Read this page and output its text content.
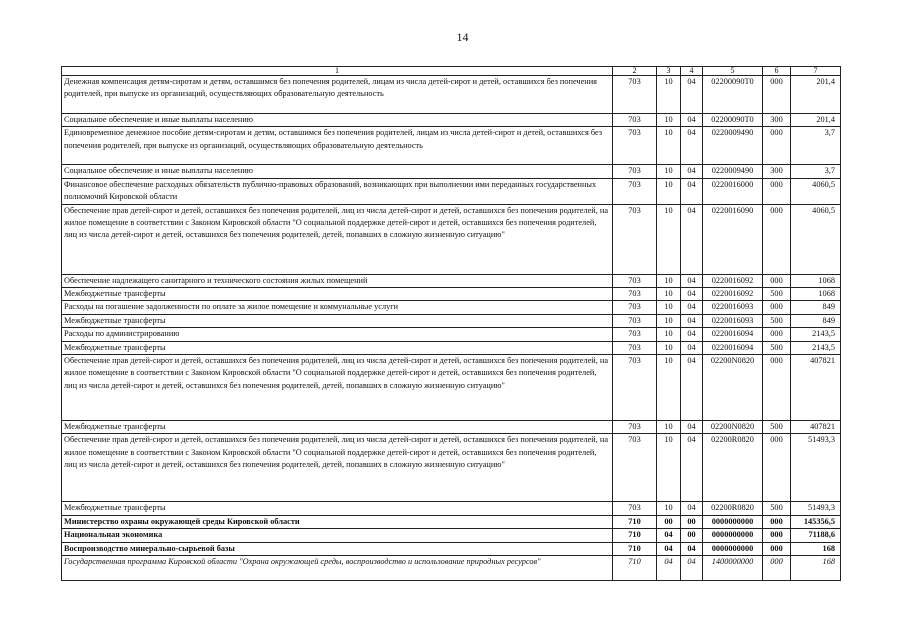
14
1	2	3	4	5	6	7
Денежная компенсация детям-сиротам и детям, оставшимся без попечения родителей, лицам из числа детей-сирот и детей, оставшихся без попечения родителей, при выпуске из организаций, осуществляющих образовательную деятельность	703	10	04	02200090Т0	000	201,4
Социальное обеспечение и иные выплаты населению	703	10	04	02200090Т0	300	201,4
Единовременное денежное пособие детям-сиротам и детям, оставшимся без попечения родителей, лицам из числа детей-сирот и детей, оставшихся без попечения родителей, при выпуске из организаций, осуществляющих образовательную деятельность	703	10	04	0220009490	000	3,7
Социальное обеспечение и иные выплаты населению	703	10	04	0220009490	300	3,7
Финансовое обеспечение расходных обязательств публично-правовых образований, возникающих при выполнении ими переданных государственных полномочий Кировской области	703	10	04	0220016000	000	4060,5
Обеспечение прав детей-сирот и детей, оставшихся без попечения родителей, лиц из числа детей-сирот и детей, оставшихся без попечения родителей, на жилое помещение в соответствии с Законом Кировской области "О социальной поддержке детей-сирот и детей, оставшихся без попечения родителей, лиц из числа детей-сирот и детей, оставшихся без попечения родителей, детей, попавших в сложную жизненную ситуацию"	703	10	04	0220016090	000	4060,5
Обеспечение надлежащего санитарного и технического состояния жилых помещений	703	10	04	0220016092	000	1068
Межбюджетные трансферты	703	10	04	0220016092	500	1068
Расходы на погашение задолженности по оплате за жилое помещение и коммунальные услуги	703	10	04	0220016093	000	849
Межбюджетные трансферты	703	10	04	0220016093	500	849
Расходы по администрированию	703	10	04	0220016094	000	2143,5
Межбюджетные трансферты	703	10	04	0220016094	500	2143,5
Обеспечение прав детей-сирот и детей, оставшихся без попечения родителей, лиц из числа детей-сирот и детей, оставшихся без попечения родителей, на жилое помещение в соответствии с Законом Кировской области "О социальной поддержке детей-сирот и детей, оставшихся без попечения родителей, лиц из числа детей-сирот и детей, оставшихся без попечения родителей, детей, попавших в сложную жизненную ситуацию"	703	10	04	02200N0820	000	407821
Межбюджетные трансферты	703	10	04	02200N0820	500	407821
Обеспечение прав детей-сирот и детей, оставшихся без попечения родителей, лиц из числа детей-сирот и детей, оставшихся без попечения родителей, на жилое помещение в соответствии с Законом Кировской области "О социальной поддержке детей-сирот и детей, оставшихся без попечения родителей, лиц из числа детей-сирот и детей, оставшихся без попечения родителей, детей, попавших в сложную жизненную ситуацию"	703	10	04	02200R0820	000	51493,3
Межбюджетные трансферты	703	10	04	02200R0820	500	51493,3
Министерство охраны окружающей среды Кировской области	710	00	00	0000000000	000	145356,5
Национальная экономика	710	04	00	0000000000	000	71188,6
Воспроизводство минерально-сырьевой базы	710	04	04	0000000000	000	168
Государственная программа Кировской области "Охрана окружающей среды, воспроизводство и использование природных ресурсов"	710	04	04	1400000000	000	168
